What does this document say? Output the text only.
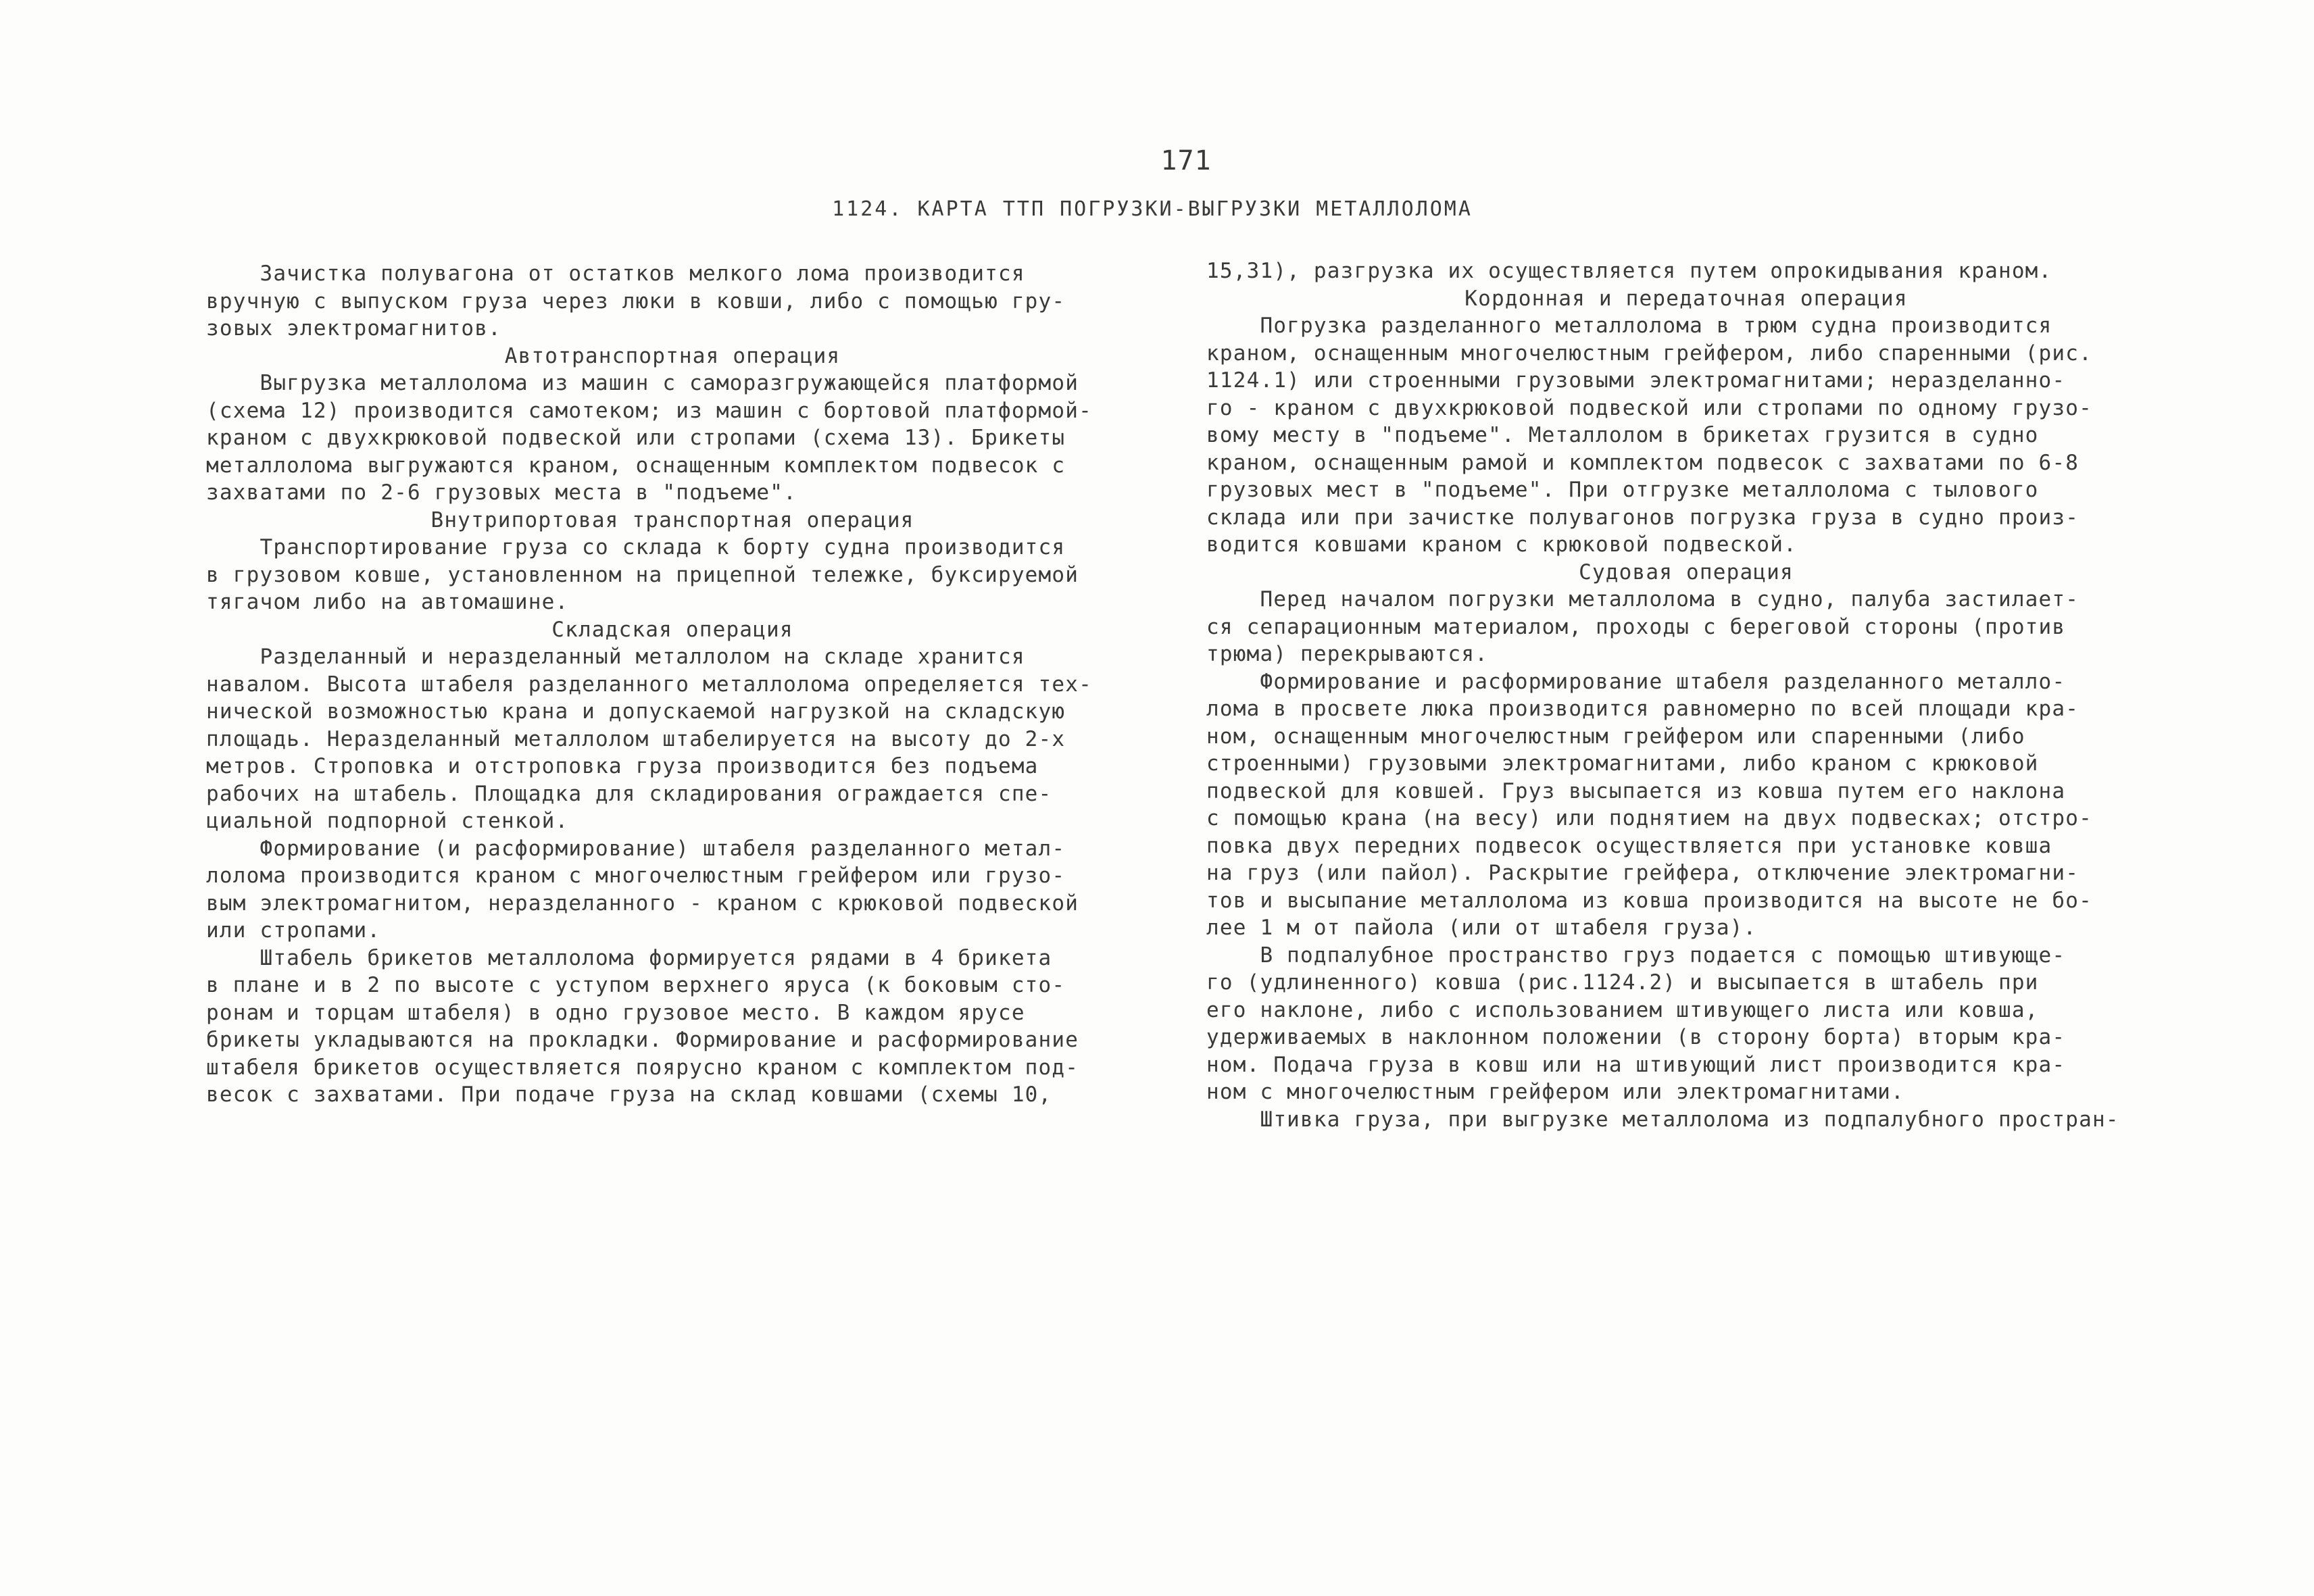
171
1124. КАРТА ТТП ПОГРУЗКИ-ВЫГРУЗКИ МЕТАЛЛОЛОМА
Зачистка полувагона от остатков мелкого лома производится
вручную с выпуском груза через люки в ковши, либо с помощью гру-
зовых электромагнитов.
Автотранспортная операция
Выгрузка металлолома из машин с саморазгружающейся платформой
(схема 12) производится самотеком; из машин с бортовой платформой-
краном с двухкрюковой подвеской или стропами (схема 13). Брикеты
металлолома выгружаются краном, оснащенным комплектом подвесок с
захватами по 2-6 грузовых места в "подъеме".
Внутрипортовая транспортная операция
Транспортирование груза со склада к борту судна производится
в грузовом ковше, установленном на прицепной тележке, буксируемой
тягачом либо на автомашине.
Складская операция
Разделанный и неразделанный металлолом на складе хранится
навалом. Высота штабеля разделанного металлолома определяется тех-
нической возможностью крана и допускаемой нагрузкой на складскую
площадь. Неразделанный металлолом штабелируется на высоту до 2-х
метров. Строповка и отстроповка груза производится без подъема
рабочих на штабель. Площадка для складирования ограждается спе-
циальной подпорной стенкой.
Формирование (и расформирование) штабеля разделанного метал-
лолома производится краном с многочелюстным грейфером или грузо-
вым электромагнитом, неразделанного - краном с крюковой подвеской
или стропами.
Штабель брикетов металлолома формируется рядами в 4 брикета
в плане и в 2 по высоте с уступом верхнего яруса (к боковым сто-
ронам и торцам штабеля) в одно грузовое место. В каждом ярусе
брикеты укладываются на прокладки. Формирование и расформирование
штабеля брикетов осуществляется поярусно краном с комплектом под-
весок с захватами. При подаче груза на склад ковшами (схемы 10,
15,31), разгрузка их осуществляется путем опрокидывания краном.
Кордонная и передаточная операция
Погрузка разделанного металлолома в трюм судна производится
краном, оснащенным многочелюстным грейфером, либо спаренными (рис.
1124.1) или строенными грузовыми электромагнитами; неразделанно-
го - краном с двухкрюковой подвеской или стропами по одному грузо-
вому месту в "подъеме". Металлолом в брикетах грузится в судно
краном, оснащенным рамой и комплектом подвесок с захватами по 6-8
грузовых мест в "подъеме". При отгрузке металлолома с тылового
склада или при зачистке полувагонов погрузка груза в судно произ-
водится ковшами краном с крюковой подвеской.
Судовая операция
Перед началом погрузки металлолома в судно, палуба застилает-
ся сепарационным материалом, проходы с береговой стороны (против
трюма) перекрываются.
Формирование и расформирование штабеля разделанного металло-
лома в просвете люка производится равномерно по всей площади кра-
ном, оснащенным многочелюстным грейфером или спаренными (либо
строенными) грузовыми электромагнитами, либо краном с крюковой
подвеской для ковшей. Груз высыпается из ковша путем его наклона
с помощью крана (на весу) или поднятием на двух подвесках; отстро-
повка двух передних подвесок осуществляется при установке ковша
на груз (или пайол). Раскрытие грейфера, отключение электромагни-
тов и высыпание металлолома из ковша производится на высоте не бо-
лее 1 м от пайола (или от штабеля груза).
В подпалубное пространство груз подается с помощью штивующе-
го (удлиненного) ковша (рис.1124.2) и высыпается в штабель при
его наклоне, либо с использованием штивующего листа или ковша,
удерживаемых в наклонном положении (в сторону борта) вторым кра-
ном. Подача груза в ковш или на штивующий лист производится кра-
ном с многочелюстным грейфером или электромагнитами.
Штивка груза, при выгрузке металлолома из подпалубного простран-
